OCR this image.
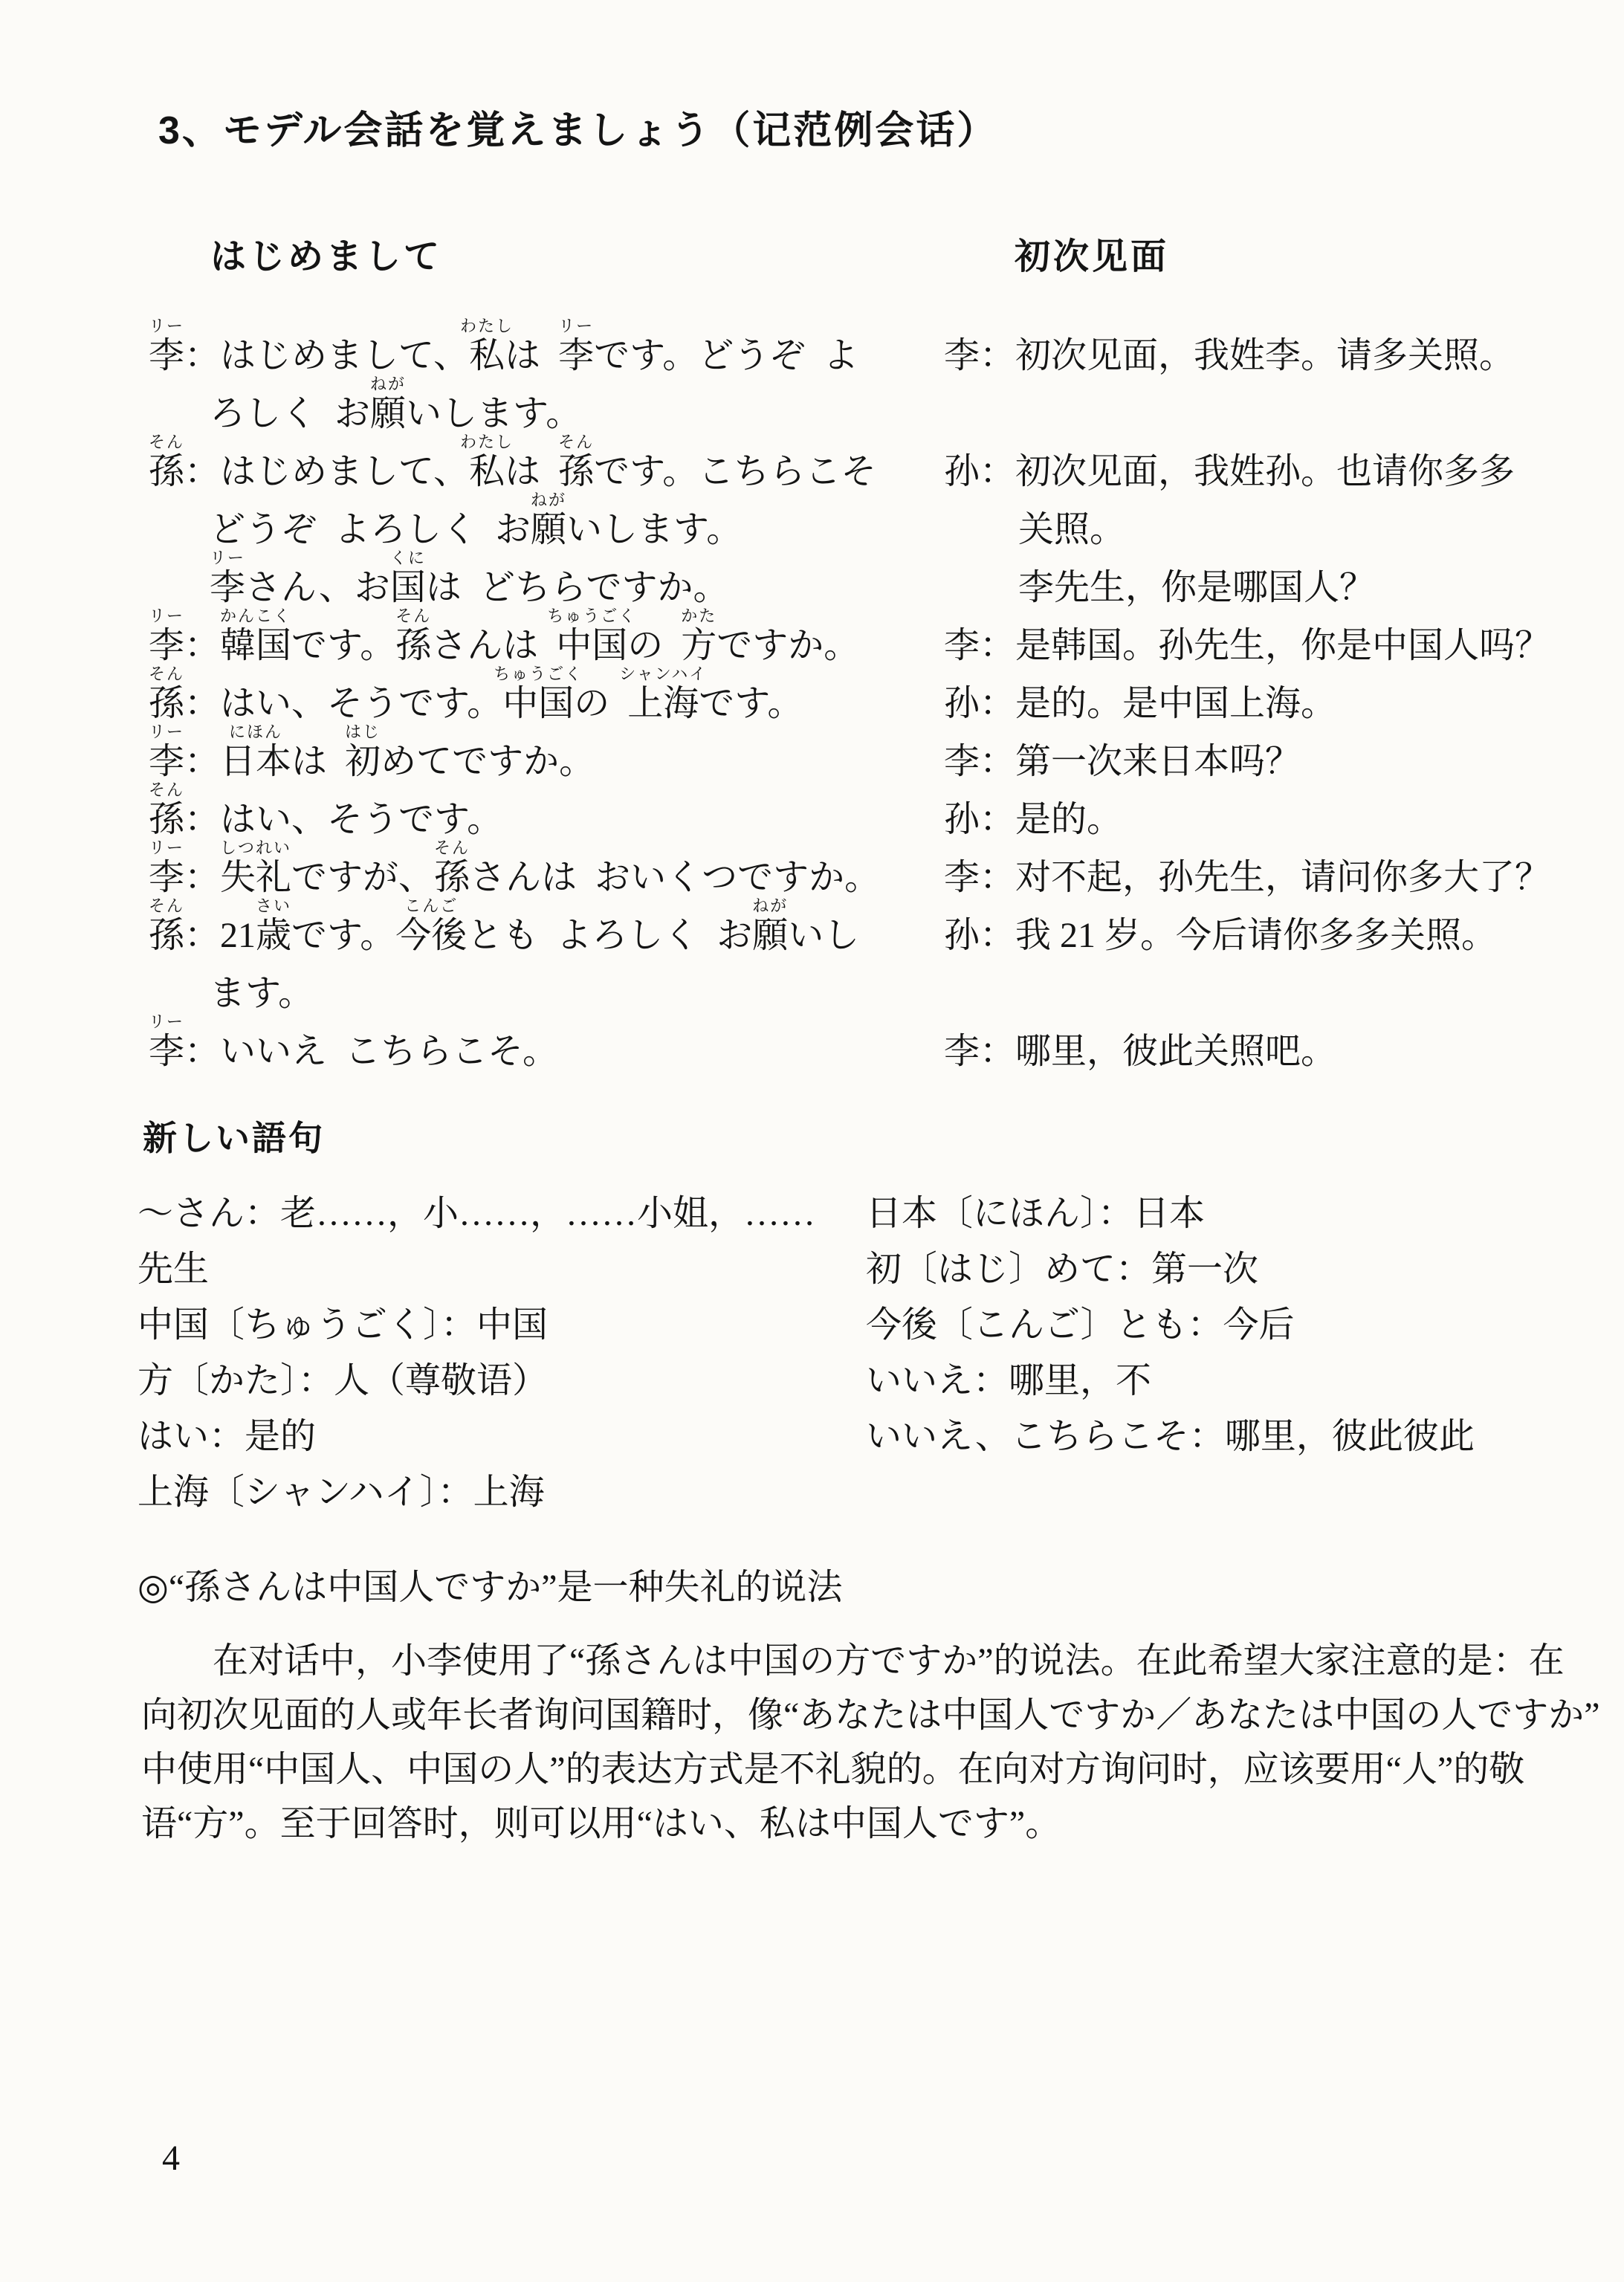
3、モデル会話を覚えましょう（记范例会话）
はじめまして	初次见面
李
リー
：はじめまして、私
わたし
は  李
リー
です。どうぞ  よ	李：初次见面，我姓李。请多关照。
ろしく  お願
ねが
いします。
孫
そん
：はじめまして、私
わたし
は  孫
そん
です。こちらこそ	孙：初次见面，我姓孙。也请你多多
どうぞ  よろしく  お願
ねが
いします。	关照。
李
リー
さん、お国
くに
は  どちらですか。	李先生，你是哪国人？
李
リー
：韓国
かんこく
です。孫
そん
さんは  中国
ちゅうごく
の  方
かた
ですか。	李：是韩国。孙先生，你是中国人吗？
孫
そん
：はい、そうです。中国
ちゅうごく
の  上海
シャンハイ
です。	孙：是的。是中国上海。
李
リー
：日本
にほん
は  初
はじ
めてですか。	李：第一次来日本吗？
孫
そん
：はい、そうです。	孙：是的。
李
リー
：失礼
しつれい
ですが、孫
そん
さんは  おいくつですか。	李：对不起，孙先生，请问你多大了？
孫
そん
：21歳
さい
です。今後
こんご
とも  よろしく  お願
ねが
いし	孙：我 21 岁。今后请你多多关照。
ます。
李
リー
：いいえ  こちらこそ。	李：哪里，彼此关照吧。
新しい語句
～さん：老……，小……，……小姐，……	日本〔にほん〕：日本
先生	初〔はじ〕めて：第一次
中国〔ちゅうごく〕：中国	今後〔こんご〕とも：今后
方〔かた〕：人（尊敬语）	いいえ：哪里，不
はい：是的	いいえ、こちらこそ：哪里，彼此彼此
上海〔シャンハイ〕：上海
◎“孫さんは中国人ですか”是一种失礼的说法
在对话中，小李使用了“孫さんは中国の方ですか”的说法。在此希望大家注意的是：在
向初次见面的人或年长者询问国籍时，像“あなたは中国人ですか／あなたは中国の人ですか”
中使用“中国人、中国の人”的表达方式是不礼貌的。在向对方询问时，应该要用“人”的敬
语“方”。至于回答时，则可以用“はい、私は中国人です”。
4
